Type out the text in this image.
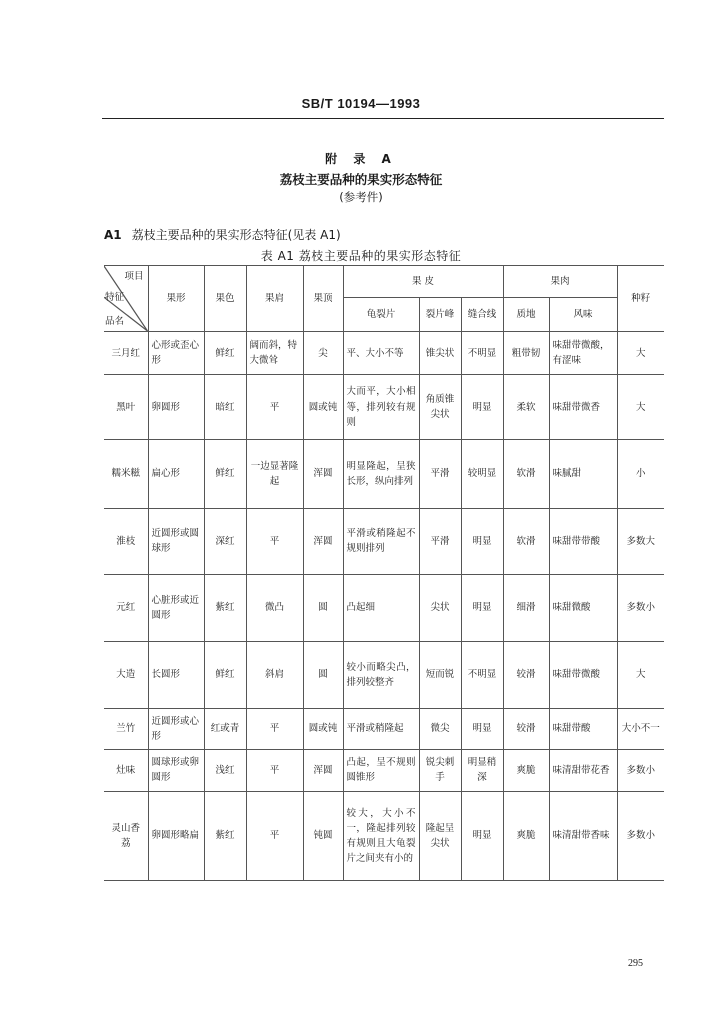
SB/T 10194—1993
附 录 A
荔枝主要品种的果实形态特征
(参考件)
A1 荔枝主要品种的果实形态特征(见表 A1)
表 A1 荔枝主要品种的果实形态特征
项目
特征
品名	果形	果色	果肩	果顶	果 皮			果肉		种籽
					龟裂片	裂片峰	缝合线	质地	风味	
三月红	心形或歪心形	鲜红	阔而斜，特大微耸	尖	平、大小不等	锥尖状	不明显	粗带韧	味甜带微酸，有涩味	大
黑叶	卵圆形	暗红	平	圆或钝	大而平，大小相等，排列较有规则	角质锥尖状	明显	柔软	味甜带微香	大
糯米糍	扁心形	鲜红	一边显著隆起	浑圆	明显隆起，呈狭长形，纵向排列	平滑	较明显	软滑	味腻甜	小
淮枝	近圆形或圆球形	深红	平	浑圆	平滑或稍隆起不规则排列	平滑	明显	软滑	味甜带带酸	多数大
元红	心脏形或近圆形	紫红	微凸	圆	凸起细	尖状	明显	细滑	味甜微酸	多数小
大造	长圆形	鲜红	斜肩	圆	较小而略尖凸，排列较整齐	短而锐	不明显	较滑	味甜带微酸	大
兰竹	近圆形或心形	红或青	平	圆或钝	平滑或稍隆起	微尖	明显	较滑	味甜带酸	大小不一
灶味	圆球形或卵圆形	浅红	平	浑圆	凸起，呈不规则圆锥形	锐尖刺手	明显稍深	爽脆	味清甜带花香	多数小
灵山香荔	卵圆形略扁	紫红	平	钝圆	较大，大小不一，隆起排列较有规则且大龟裂片之间夹有小的	隆起呈尖状	明显	爽脆	味清甜带香味	多数小
295
